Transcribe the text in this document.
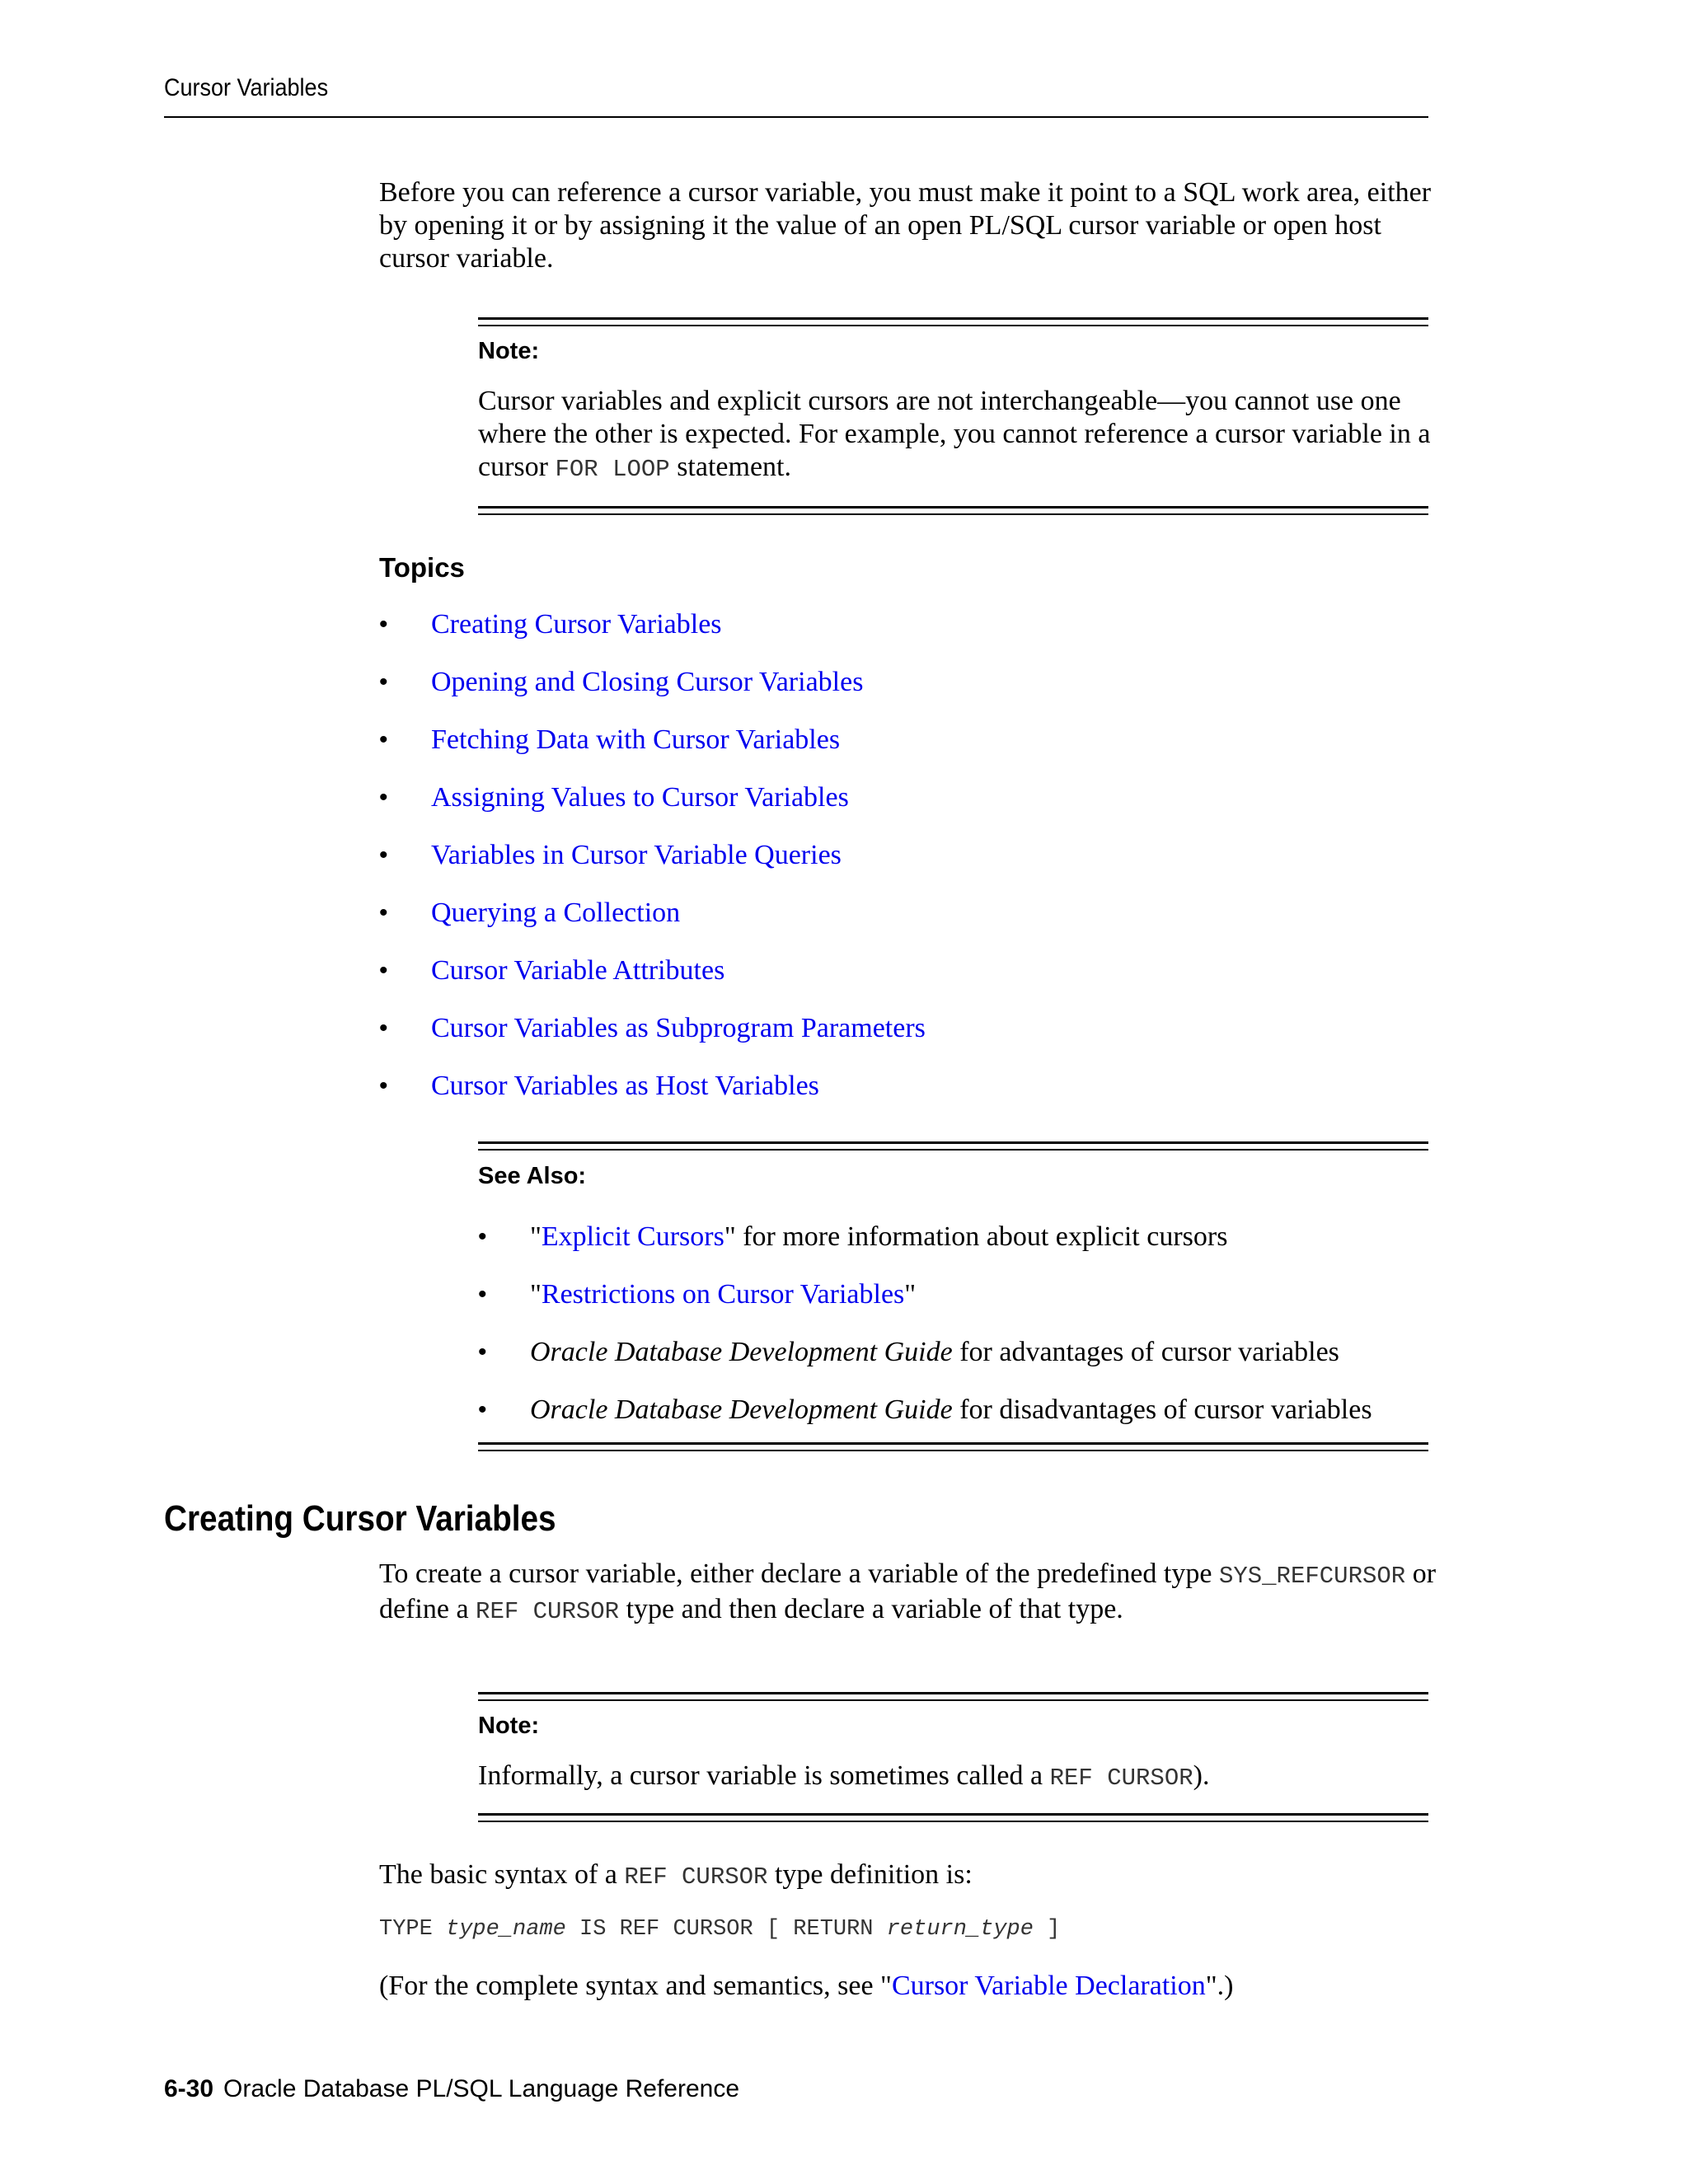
Cursor Variables

Before you can reference a cursor variable, you must make it point to a SQL work area, either by opening it or by assigning it the value of an open PL/SQL cursor variable or open host cursor variable.

Note:

Cursor variables and explicit cursors are not interchangeable—you cannot use one where the other is expected. For example, you cannot reference a cursor variable in a cursor FOR LOOP statement.

Topics
• Creating Cursor Variables
• Opening and Closing Cursor Variables
• Fetching Data with Cursor Variables
• Assigning Values to Cursor Variables
• Variables in Cursor Variable Queries
• Querying a Collection
• Cursor Variable Attributes
• Cursor Variables as Subprogram Parameters
• Cursor Variables as Host Variables
See Also:
• "Explicit Cursors" for more information about explicit cursors
• "Restrictions on Cursor Variables"
• Oracle Database Development Guide for advantages of cursor variables
• Oracle Database Development Guide for disadvantages of cursor variables
Creating Cursor Variables

To create a cursor variable, either declare a variable of the predefined type SYS_REFCURSOR or define a REF CURSOR type and then declare a variable of that type.

Note:

Informally, a cursor variable is sometimes called a REF CURSOR).

The basic syntax of a REF CURSOR type definition is:

TYPE type_name IS REF CURSOR [ RETURN return_type ]

(For the complete syntax and semantics, see "Cursor Variable Declaration".)

6-30 Oracle Database PL/SQL Language Reference
